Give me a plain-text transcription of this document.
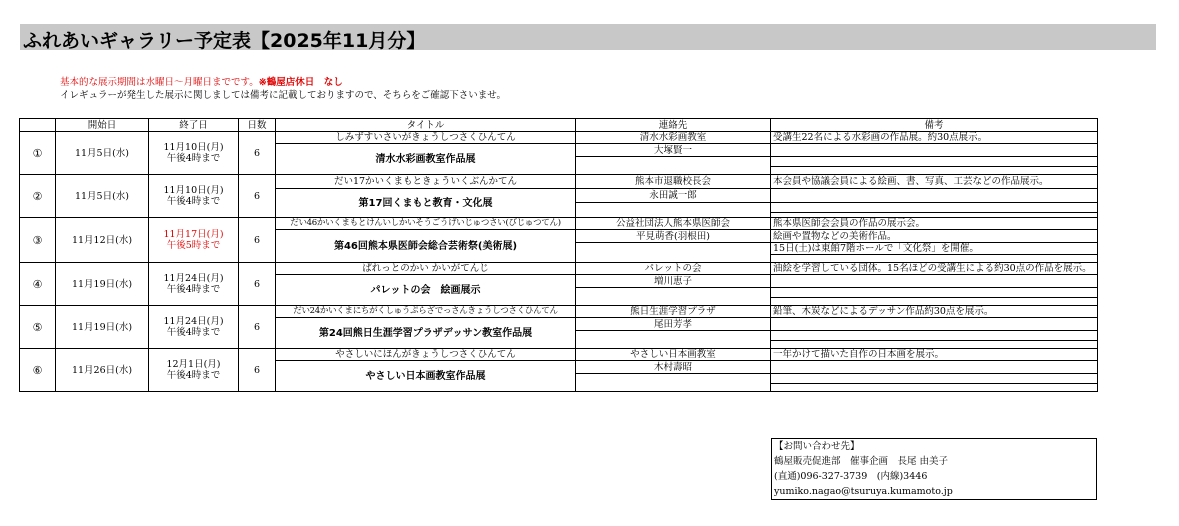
ふれあいギャラリー予定表【2025年11月分】
基本的な展示期間は水曜日～月曜日までです。※鶴屋店休日　なし
イレギュラーが発生した展示に関しましては備考に記載しておりますので、そちらをご確認下さいませ。
	開始日	終了日	日数	タイトル	連絡先	備考
①	11月5日(水)	11月10日(月)
午後4時まで	6	しみずすいさいがきょうしつさくひんてん	清水水彩画教室	受講生22名による水彩画の作品展。約30点展示。
				清水水彩画教室作品展	大塚賢一	

②	11月5日(水)	11月10日(月)
午後4時まで	6	だい17かいくまもときょういくぶんかてん	熊本市退職校長会	本会員や協議会員による絵画、書、写真、工芸などの作品展示。
				第17回くまもと教育・文化展	永田誠一郎	

③	11月12日(水)	11月17日(月)
午後5時まで	6	だい46かいくまもとけんいしかいそうごうげいじゅつさい(びじゅつてん)	公益社団法人熊本県医師会	熊本県医師会会員の作品の展示会。
				第46回熊本県医師会総合芸術祭(美術展)	平見萌香(羽根田)	絵画や置物などの美術作品。
						15日(土)は東館7階ホールで「文化祭」を開催。

④	11月19日(水)	11月24日(月)
午後4時まで	6	ぱれっとのかい かいがてんじ	パレットの会	油絵を学習している団体。15名ほどの受講生による約30点の作品を展示。
				パレットの会　絵画展示	増川恵子	

⑤	11月19日(水)	11月24日(月)
午後4時まで	6	だい24かいくまにちがくしゅうぷらざでっさんきょうしつさくひんてん	熊日生涯学習プラザ	鉛筆、木炭などによるデッサン作品約30点を展示。
				第24回熊日生涯学習プラザデッサン教室作品展	尾田芳孝	

⑥	11月26日(水)	12月1日(月)
午後4時まで	6	やさしいにほんがきょうしつさくひんてん	やさしい日本画教室	一年かけて描いた自作の日本画を展示。
				やさしい日本画教室作品展	木村壽昭	

【お問い合わせ先】
鶴屋販売促進部　催事企画　長尾 由美子
(直通)096-327-3739　(内線)3446
yumiko.nagao@tsuruya.kumamoto.jp
